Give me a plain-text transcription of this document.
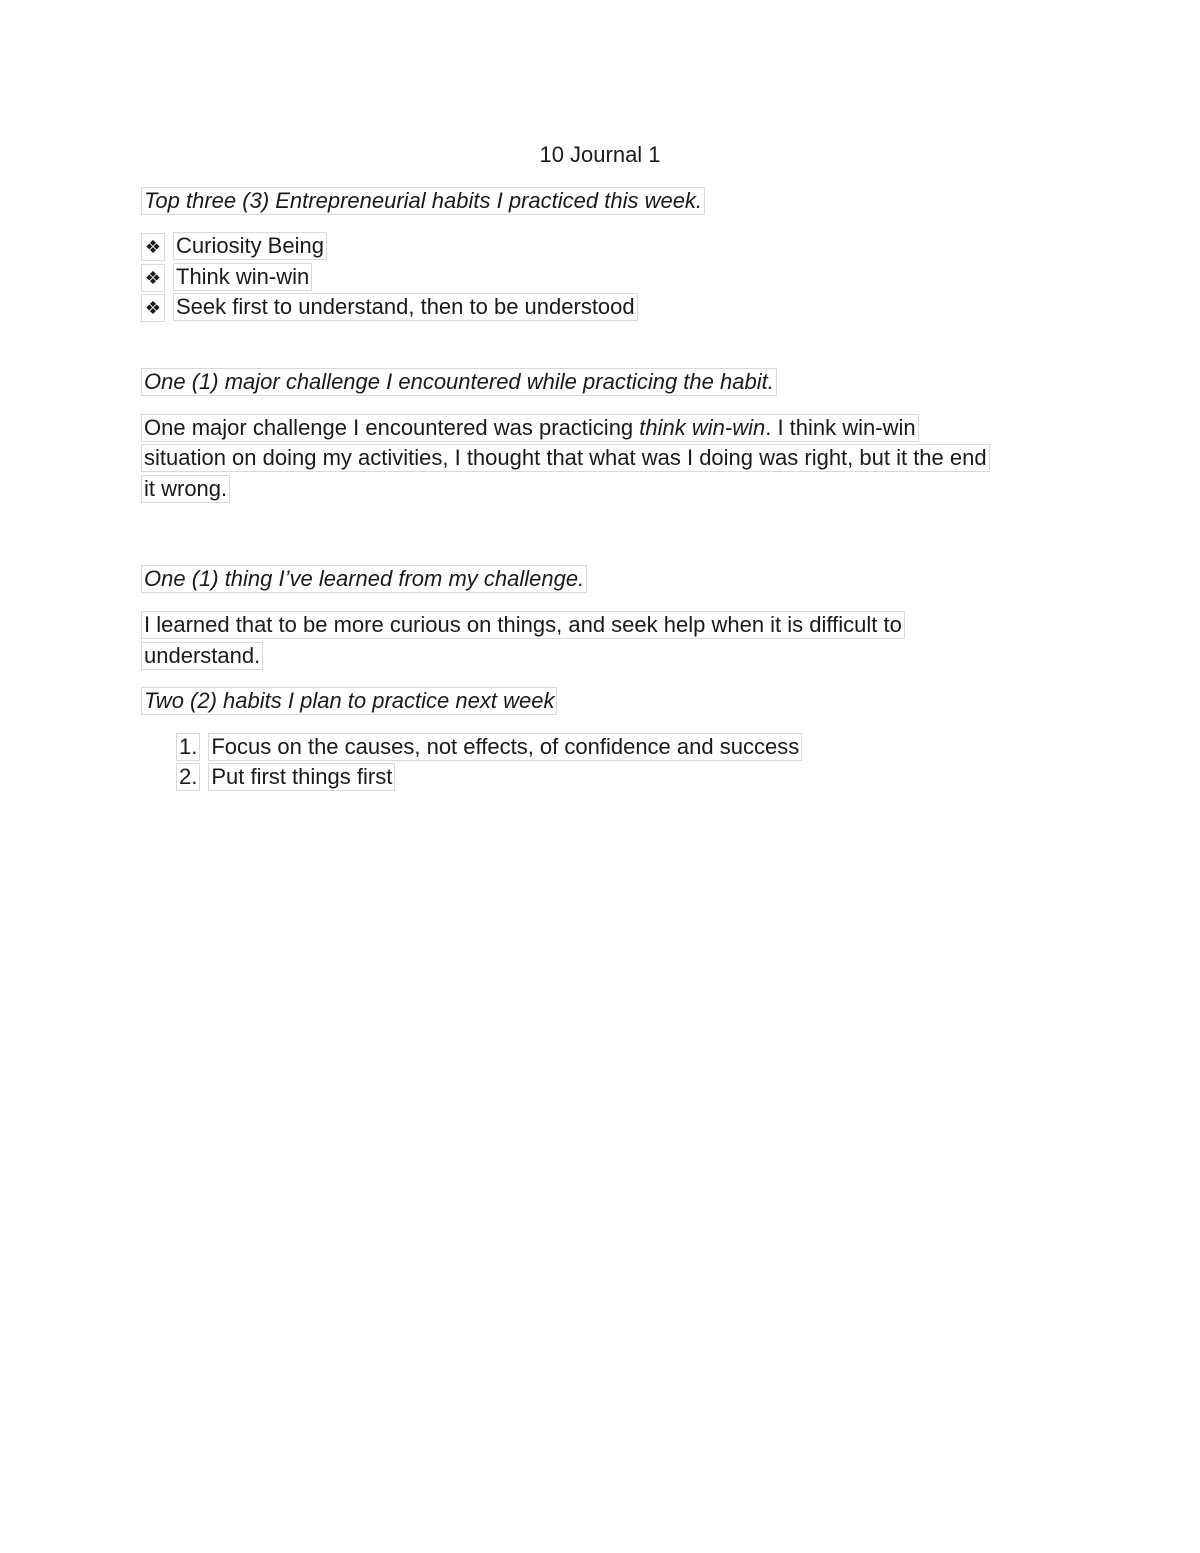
10 Journal 1
Top three (3) Entrepreneurial habits I practiced this week.
❖ Curiosity Being
❖ Think win-win
❖ Seek first to understand, then to be understood
One (1) major challenge I encountered while practicing the habit.
One major challenge I encountered was practicing think win-win. I think win-win
situation on doing my activities, I thought that what was I doing was right, but it the end
it wrong.
One (1) thing I’ve learned from my challenge.
I learned that to be more curious on things, and seek help when it is difficult to
understand.
Two (2) habits I plan to practice next week
1. Focus on the causes, not effects, of confidence and success
2. Put first things first
